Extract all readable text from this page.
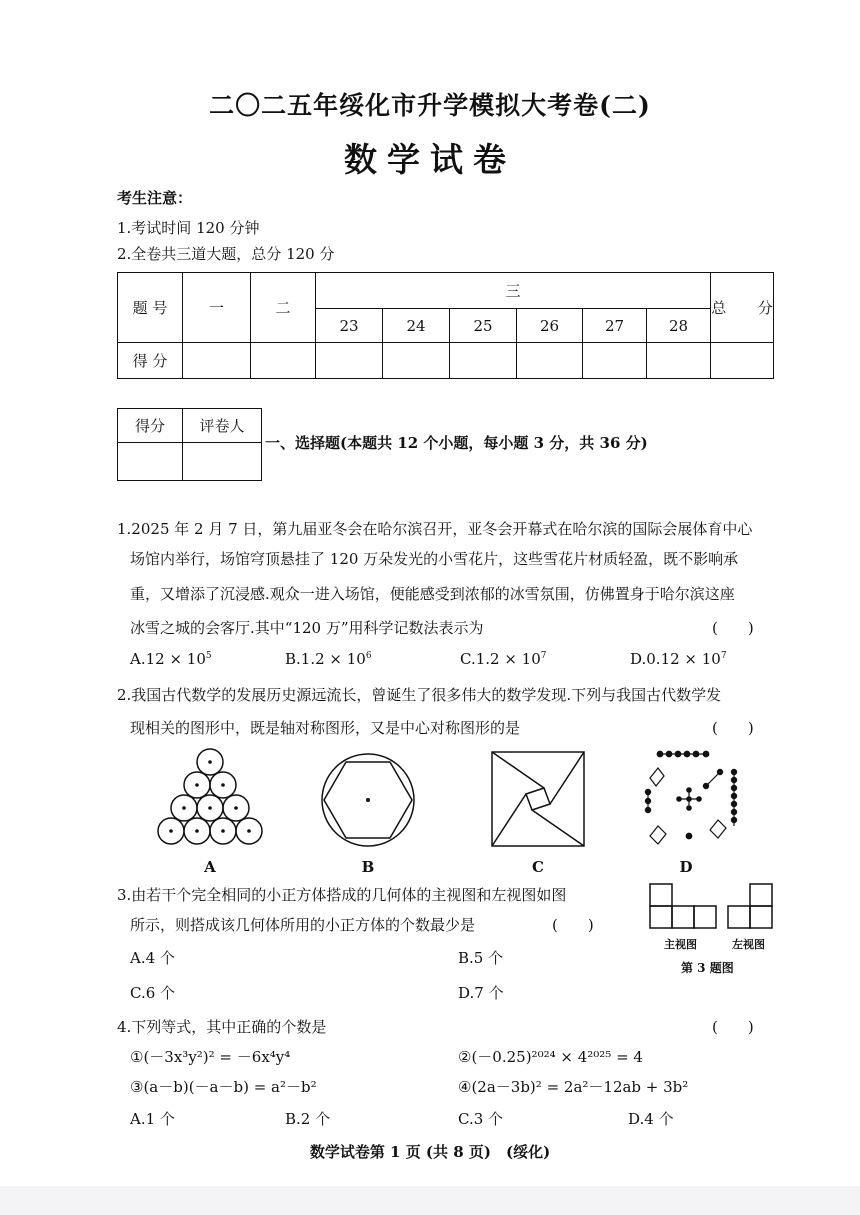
二〇二五年绥化市升学模拟大考卷(二)
数学试卷
考生注意：
1.考试时间 120 分钟
2.全卷共三道大题，总分 120 分
题 号	一	二	三						总 分
			23	24	25	26	27	28	
得 分									
得分	评卷人

一、选择题(本题共 12 个小题，每小题 3 分，共 36 分)
1.2025 年 2 月 7 日，第九届亚冬会在哈尔滨召开，亚冬会开幕式在哈尔滨的国际会展体育中心
场馆内举行，场馆穹顶悬挂了 120 万朵发光的小雪花片，这些雪花片材质轻盈，既不影响承
重，又增添了沉浸感.观众一进入场馆，便能感受到浓郁的冰雪氛围，仿佛置身于哈尔滨这座
冰雪之城的会客厅.其中“120 万”用科学记数法表示为	(　　)
$A.12 \times 10^5$	$B.1.2 \times 10^6$	$C.1.2 \times 10^7$	$D.0.12 \times 10^7$
2.我国古代数学的发展历史源远流长，曾诞生了很多伟大的数学发现.下列与我国古代数学发
现相关的图形中，既是轴对称图形，又是中心对称图形的是	(　　)
A	B	C	D
3.由若干个完全相同的小正方体搭成的几何体的主视图和左视图如图
所示，则搭成该几何体所用的小正方体的个数最少是	(　　)
A.4 个	B.5 个
C.6 个	D.7 个
主视图	左视图
第 3 题图
4.下列等式，其中正确的个数是	(　　)
①(－3x³y²)² = －6x⁴y⁴	②(－0.25)²⁰²⁴ × 4²⁰²⁵ = 4
③(a－b)(－a－b) = a²－b²	④(2a－3b)² = 2a²－12ab + 3b²
A.1 个	B.2 个	C.3 个	D.4 个
数学试卷第 1 页 (共 8 页)　(绥化)
